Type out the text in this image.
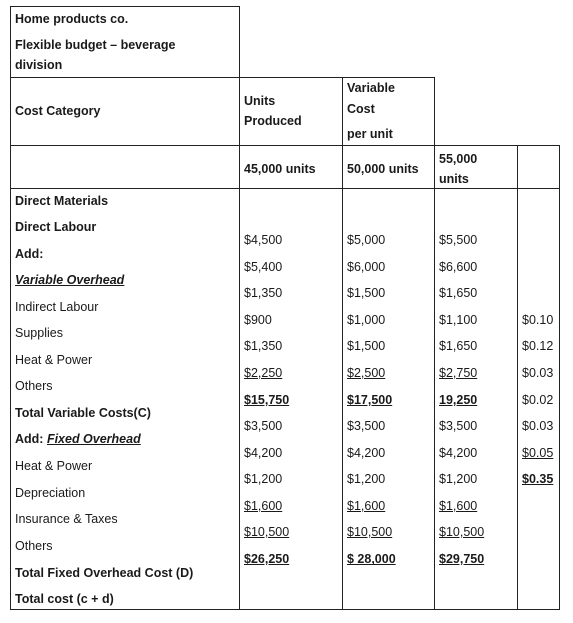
Home products co.
Flexible budget – beverage
division
Cost Category
Units
Produced
Variable
Cost
per unit
45,000 units	50,000 units
55,000
units
Direct Materials
Direct Labour
Add:
Variable Overhead
Indirect Labour
Supplies
Heat & Power
Others
Total Variable Costs(C)
Add: Fixed Overhead
Heat & Power
Depreciation
Insurance & Taxes
Others
Total Fixed Overhead Cost (D)
Total cost (c + d)
$4,500
$5,400
$1,350
$900
$1,350
$2,250
$15,750
$3,500
$4,200
$1,200
$1,600
$10,500
$26,250
$5,000
$6,000
$1,500
$1,000
$1,500
$2,500
$17,500
$3,500
$4,200
$1,200
$1,600
$10,500
$ 28,000
$5,500
$6,600
$1,650
$1,100
$1,650
$2,750
19,250
$3,500
$4,200
$1,200
$1,600
$10,500
$29,750
$0.10
$0.12
$0.03
$0.02
$0.03
$0.05
$0.35
